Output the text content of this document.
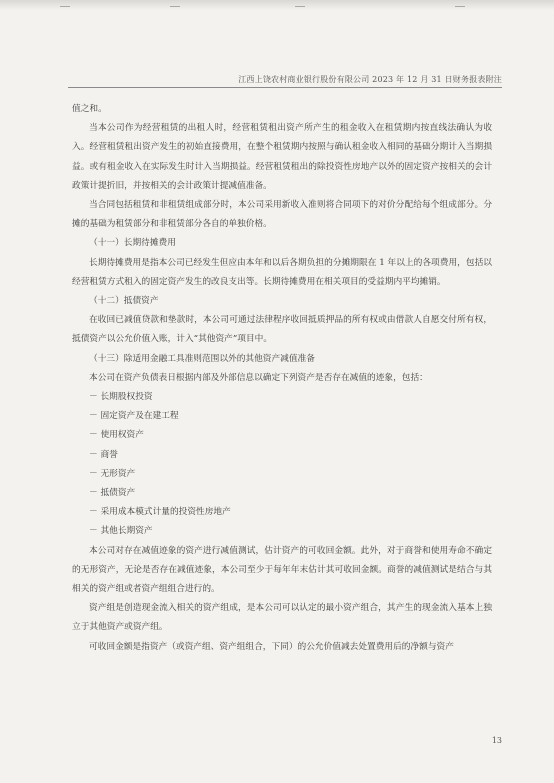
江西上饶农村商业银行股份有限公司 2023 年 12 月 31 日财务报表附注

值之和。

当本公司作为经营租赁的出租人时，经营租赁租出资产所产生的租金收入在租赁期内按直线法确认为收入。经营租赁租出资产发生的初始直接费用，在整个租赁期内按照与确认租金收入相同的基础分期计入当期损益。或有租金收入在实际发生时计入当期损益。经营租赁租出的除投资性房地产以外的固定资产按相关的会计政策计提折旧，并按相关的会计政策计提减值准备。

当合同包括租赁和非租赁组成部分时，本公司采用新收入准则将合同项下的对价分配给每个组成部分。分摊的基础为租赁部分和非租赁部分各自的单独价格。

（十一）长期待摊费用

长期待摊费用是指本公司已经发生但应由本年和以后各期负担的分摊期限在 1 年以上的各项费用，包括以经营租赁方式租入的固定资产发生的改良支出等。长期待摊费用在相关项目的受益期内平均摊销。

（十二）抵债资产

在收回已减值贷款和垫款时，本公司可通过法律程序收回抵质押品的所有权或由借款人自愿交付所有权，抵债资产以公允价值入账，计入“其他资产”项目中。

（十三）除适用金融工具准则范围以外的其他资产减值准备

本公司在资产负债表日根据内部及外部信息以确定下列资产是否存在减值的迹象，包括：

－ 长期股权投资

－ 固定资产及在建工程

－ 使用权资产

－ 商誉

－ 无形资产

－ 抵债资产

－ 采用成本模式计量的投资性房地产

－ 其他长期资产

本公司对存在减值迹象的资产进行减值测试，估计资产的可收回金额。此外，对于商誉和使用寿命不确定的无形资产，无论是否存在减值迹象，本公司至少于每年年末估计其可收回金额。商誉的减值测试是结合与其相关的资产组或者资产组组合进行的。

资产组是创造现金流入相关的资产组成，是本公司可以认定的最小资产组合，其产生的现金流入基本上独立于其他资产或资产组。

可收回金额是指资产（或资产组、资产组组合，下同）的公允价值减去处置费用后的净额与资产

13
